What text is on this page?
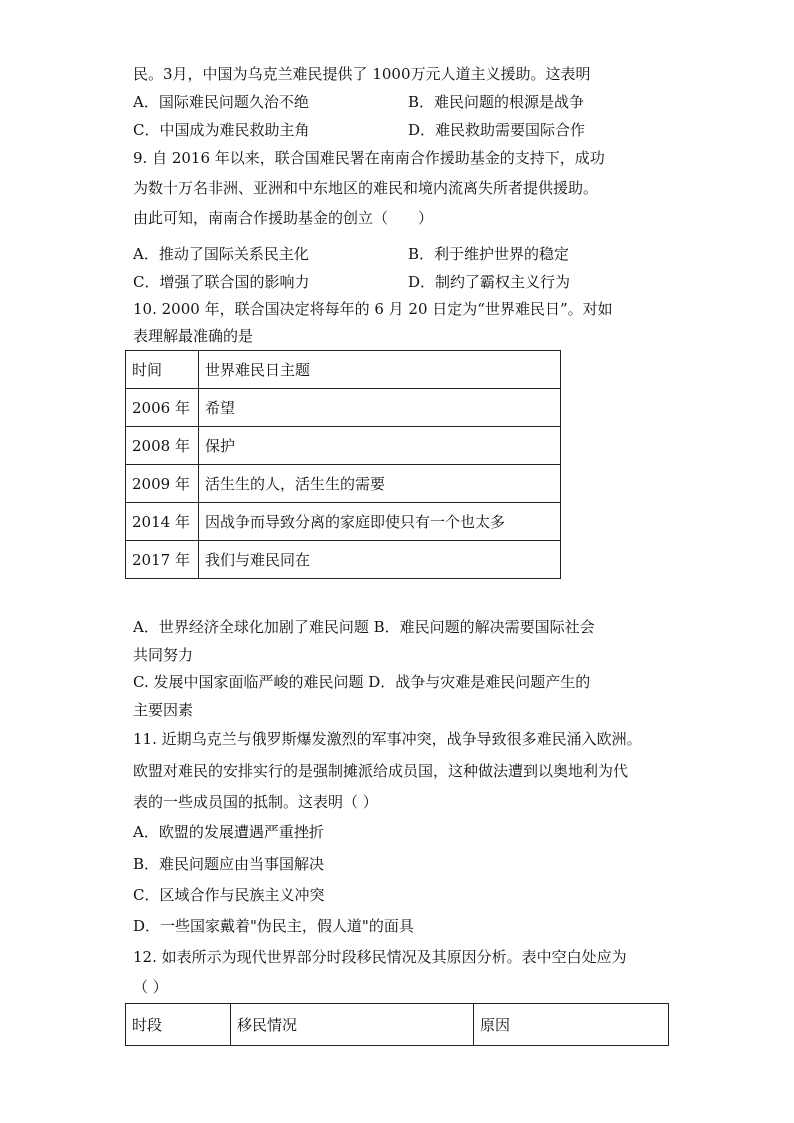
民。3月，中国为乌克兰难民提供了 1000万元人道主义援助。这表明
A．国际难民问题久治不绝	B．难民问题的根源是战争
C．中国成为难民救助主角	D．难民救助需要国际合作
9. 自 2016 年以来，联合国难民署在南南合作援助基金的支持下，成功
为数十万名非洲、亚洲和中东地区的难民和境内流离失所者提供援助。
由此可知，南南合作援助基金的创立（　　）
A．推动了国际关系民主化	B．利于维护世界的稳定
C．增强了联合国的影响力	D．制约了霸权主义行为
10. 2000 年，联合国决定将每年的 6 月 20 日定为“世界难民日”。对如
表理解最准确的是
时间	世界难民日主题
2006 年	希望
2008 年	保护
2009 年	活生生的人，活生生的需要
2014 年	因战争而导致分离的家庭即使只有一个也太多
2017 年	我们与难民同在
A．世界经济全球化加剧了难民问题 B．难民问题的解决需要国际社会
共同努力
C. 发展中国家面临严峻的难民问题 D．战争与灾难是难民问题产生的
主要因素
11. 近期乌克兰与俄罗斯爆发激烈的军事冲突，战争导致很多难民涌入欧洲。
欧盟对难民的安排实行的是强制摊派给成员国，这种做法遭到以奥地利为代
表的一些成员国的抵制。这表明（ ）
A．欧盟的发展遭遇严重挫折
B．难民问题应由当事国解决
C．区域合作与民族主义冲突
D．一些国家戴着"伪民主，假人道"的面具
12. 如表所示为现代世界部分时段移民情况及其原因分析。表中空白处应为
（ ）
时段	移民情况	原因
